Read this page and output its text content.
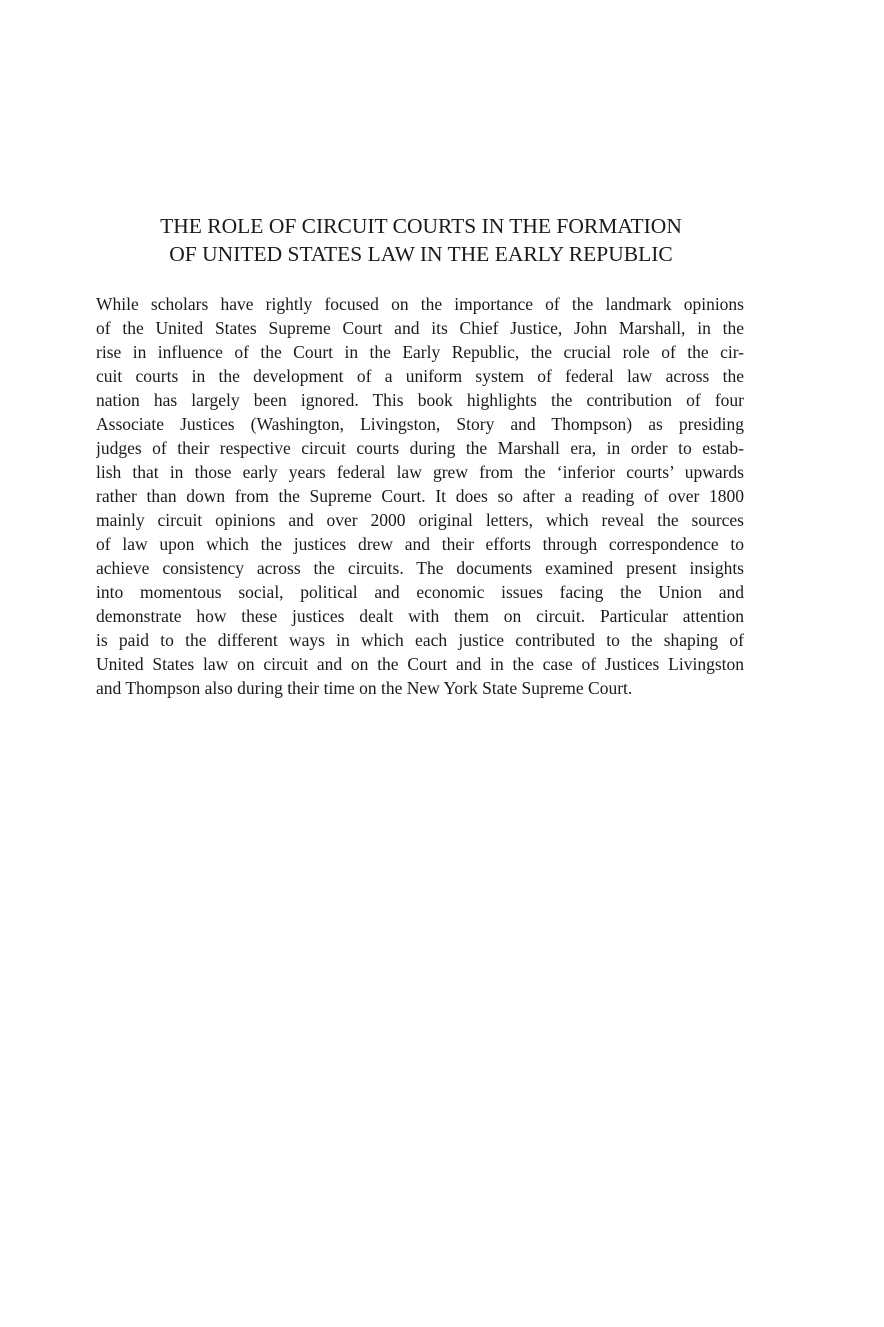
THE ROLE OF CIRCUIT COURTS IN THE FORMATION
OF UNITED STATES LAW IN THE EARLY REPUBLIC
While scholars have rightly focused on the importance of the landmark opinions
of the United States Supreme Court and its Chief Justice, John Marshall, in the
rise in influence of the Court in the Early Republic, the crucial role of the cir-
cuit courts in the development of a uniform system of federal law across the
nation has largely been ignored. This book highlights the contribution of four
Associate Justices (Washington, Livingston, Story and Thompson) as presiding
judges of their respective circuit courts during the Marshall era, in order to estab-
lish that in those early years federal law grew from the ‘inferior courts’ upwards
rather than down from the Supreme Court. It does so after a reading of over 1800
mainly circuit opinions and over 2000 original letters, which reveal the sources
of law upon which the justices drew and their efforts through correspondence to
achieve consistency across the circuits. The documents examined present insights
into momentous social, political and economic issues facing the Union and
demonstrate how these justices dealt with them on circuit. Particular attention
is paid to the different ways in which each justice contributed to the shaping of
United States law on circuit and on the Court and in the case of Justices Livingston
and Thompson also during their time on the New York State Supreme Court.
